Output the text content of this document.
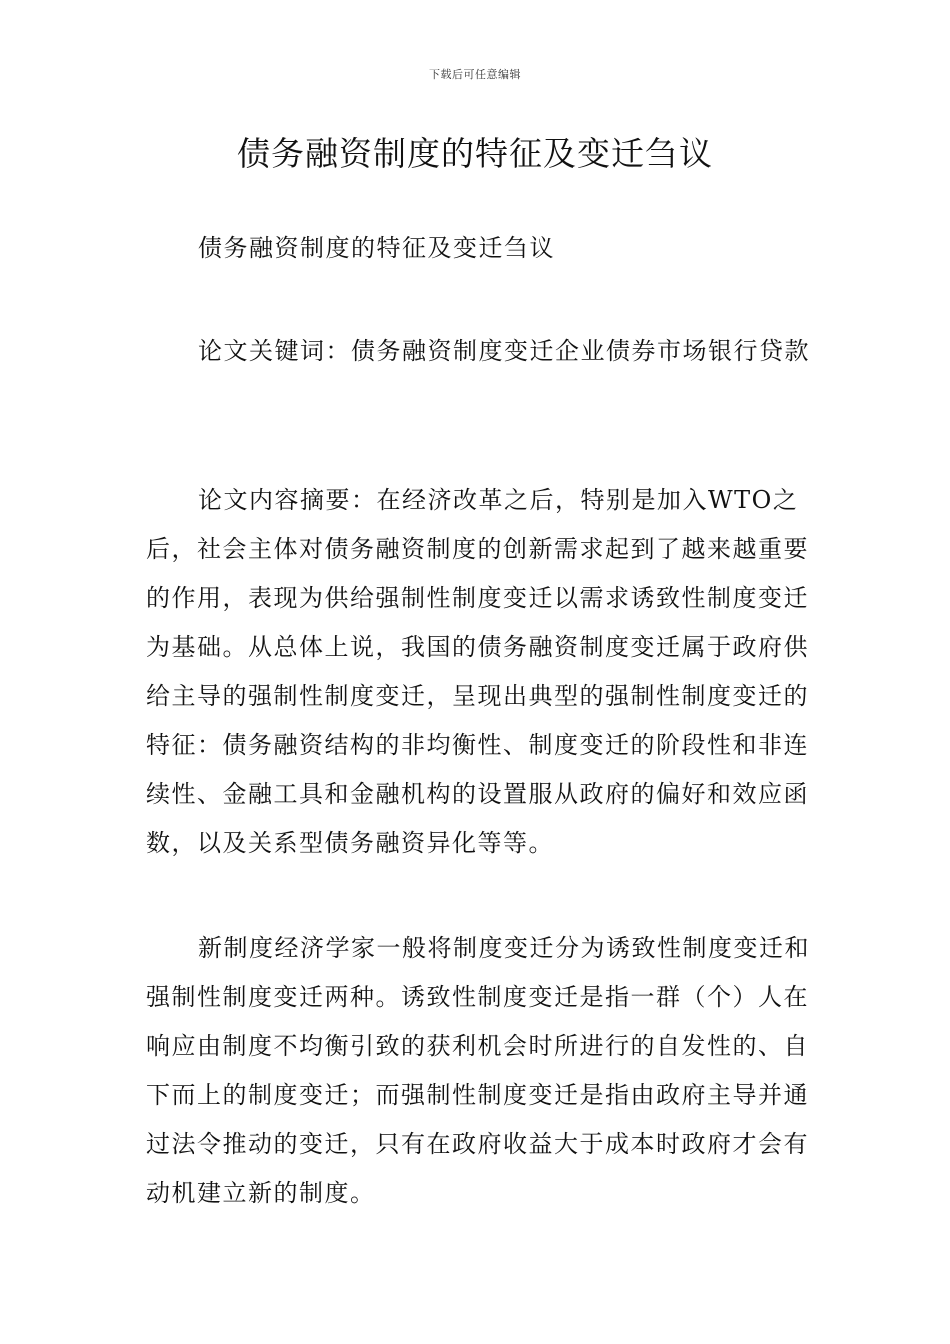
下载后可任意编辑
债务融资制度的特征及变迁刍议

债务融资制度的特征及变迁刍议

论文关键词：债务融资制度变迁企业债券市场银行贷款

论文内容摘要：在经济改革之后，特别是加入WTO之后，社会主体对债务融资制度的创新需求起到了越来越重要的作用，表现为供给强制性制度变迁以需求诱致性制度变迁为基础。从总体上说，我国的债务融资制度变迁属于政府供给主导的强制性制度变迁，呈现出典型的强制性制度变迁的特征：债务融资结构的非均衡性、制度变迁的阶段性和非连续性、金融工具和金融机构的设置服从政府的偏好和效应函数，以及关系型债务融资异化等等。

新制度经济学家一般将制度变迁分为诱致性制度变迁和强制性制度变迁两种。诱致性制度变迁是指一群（个）人在响应由制度不均衡引致的获利机会时所进行的自发性的、自下而上的制度变迁；而强制性制度变迁是指由政府主导并通过法令推动的变迁，只有在政府收益大于成本时政府才会有动机建立新的制度。
